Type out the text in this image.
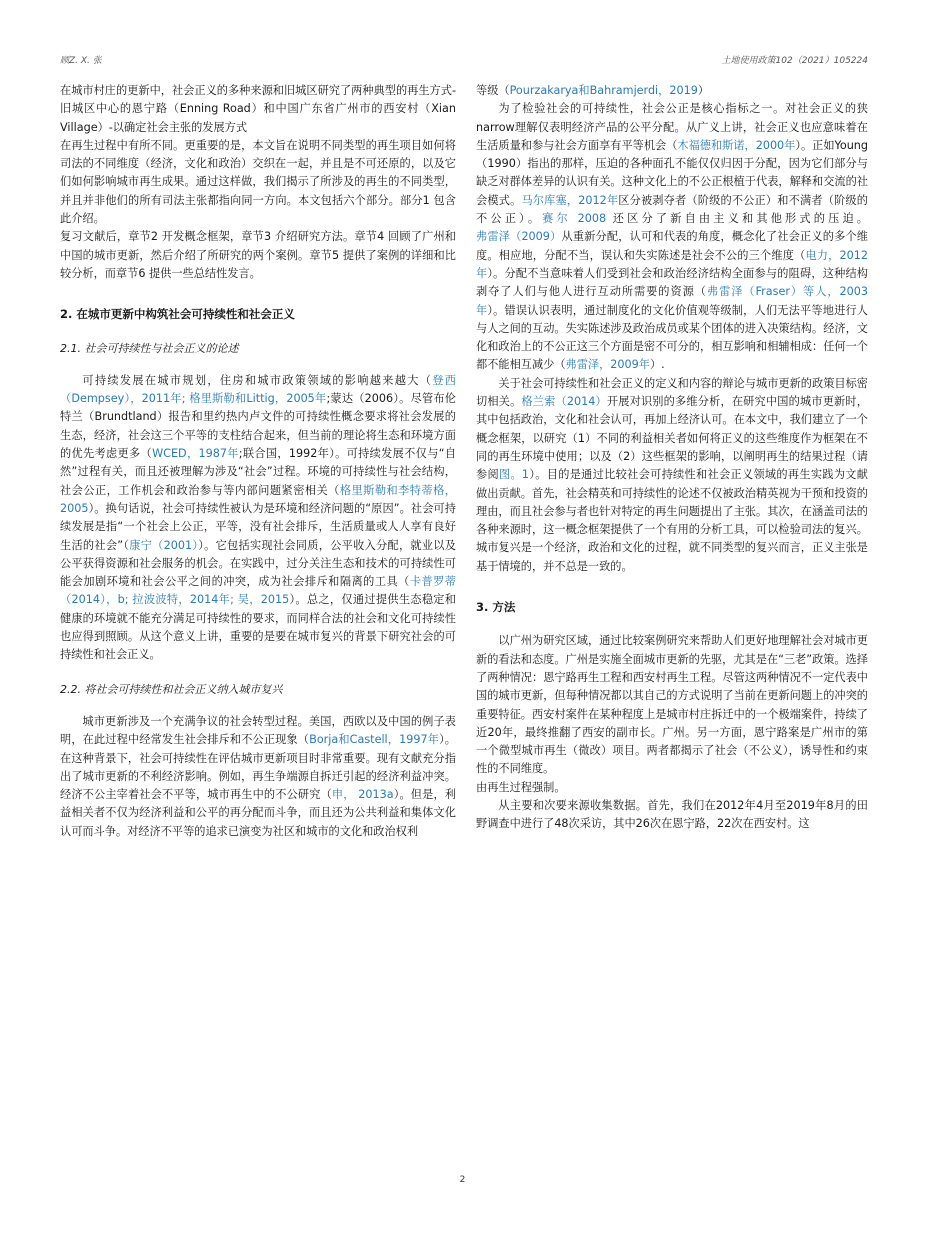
顾Z. X. 张	土地使用政策102（2021）105224

在城市村庄的更新中，社会正义的多种来源和旧城区研究了两种典型的再生方式-旧城区中心的恩宁路（Enning Road）和中国广东省广州市的西安村（Xian Village）-以确定社会主张的发展方式

在再生过程中有所不同。更重要的是，本文旨在说明不同类型的再生项目如何将司法的不同维度（经济，文化和政治）交织在一起，并且是不可还原的，以及它们如何影响城市再生成果。通过这样做，我们揭示了所涉及的再生的不同类型，并且并非他们的所有司法主张都指向同一方向。本文包括六个部分。部分1 包含此介绍。

复习文献后，章节2 开发概念框架，章节3 介绍研究方法。章节4 回顾了广州和中国的城市更新，然后介绍了所研究的两个案例。章节5 提供了案例的详细和比较分析，而章节6 提供一些总结性发言。

2. 在城市更新中构筑社会可持续性和社会正义
2.1. 社会可持续性与社会正义的论述

可持续发展在城市规划，住房和城市政策领域的影响越来越大（登西（Dempsey），2011年; 格里斯勒和Littig，2005年;蒙达（2006）。尽管布伦特兰（Brundtland）报告和里约热内卢文件的可持续性概念要求将社会发展的生态，经济，社会这三个平等的支柱结合起来，但当前的理论将生态和环境方面的优先考虑更多（WCED，1987年;联合国，1992年）。可持续发展不仅与“自然”过程有关，而且还被理解为涉及“社会”过程。环境的可持续性与社会结构，社会公正，工作机会和政治参与等内部问题紧密相关（格里斯勒和李特蒂格，2005）。换句话说，社会可持续性被认为是环境和经济问题的“原因”。社会可持续发展是指“一个社会上公正，平等，没有社会排斥，生活质量或人人享有良好生活的社会”（康宁（2001））。它包括实现社会同质，公平收入分配，就业以及公平获得资源和社会服务的机会。在实践中，过分关注生态和技术的可持续性可能会加剧环境和社会公平之间的冲突，成为社会排斥和隔离的工具（卡普罗蒂（2014），b; 拉波波特，2014年; 吴，2015）。总之，仅通过提供生态稳定和健康的环境就不能充分满足可持续性的要求，而同样合法的社会和文化可持续性也应得到照顾。从这个意义上讲，重要的是要在城市复兴的背景下研究社会的可持续性和社会正义。

2.2. 将社会可持续性和社会正义纳入城市复兴

城市更新涉及一个充满争议的社会转型过程。美国，西欧以及中国的例子表明，在此过程中经常发生社会排斥和不公正现象（Borja和Castell，1997年）。在这种背景下，社会可持续性在评估城市更新项目时非常重要。现有文献充分指出了城市更新的不利经济影响。例如，再生争端源自拆迁引起的经济利益冲突。经济不公主宰着社会不平等，城市再生中的不公研究（申， 2013a）。但是，利益相关者不仅为经济利益和公平的再分配而斗争，而且还为公共利益和集体文化认可而斗争。对经济不平等的追求已演变为社区和城市的文化和政治权利

等级（Pourzakarya和Bahramjerdi，2019）

为了检验社会的可持续性，社会公正是核心指标之一。对社会正义的狭narrow理解仅表明经济产品的公平分配。从广义上讲，社会正义也应意味着在生活质量和参与社会方面享有平等机会（木福德和斯诺，2000年）。正如Young（1990）指出的那样，压迫的各种面孔不能仅仅归因于分配，因为它们部分与缺乏对群体差异的认识有关。这种文化上的不公正根植于代表，解释和交流的社会模式。马尔库塞，2012年区分被剥夺者（阶级的不公正）和不满者（阶级的不公正）。赛尔 2008 还区分了新自由主义和其他形式的压迫。弗雷泽（2009）从重新分配，认可和代表的角度，概念化了社会正义的多个维度。相应地，分配不当，误认和失实陈述是社会不公的三个维度（电力，2012年）。分配不当意味着人们受到社会和政治经济结构全面参与的阻碍，这种结构剥夺了人们与他人进行互动所需要的资源（弗雷泽（Fraser）等人，2003年）。错误认识表明，通过制度化的文化价值观等级制，人们无法平等地进行人与人之间的互动。失实陈述涉及政治成员或某个团体的进入决策结构。经济，文化和政治上的不公正这三个方面是密不可分的，相互影响和相辅相成：任何一个都不能相互减少（弗雷泽，2009年）.

关于社会可持续性和社会正义的定义和内容的辩论与城市更新的政策目标密切相关。格兰索（2014）开展对识别的多维分析，在研究中国的城市更新时，其中包括政治，文化和社会认可，再加上经济认可。在本文中，我们建立了一个概念框架，以研究（1）不同的利益相关者如何将正义的这些维度作为框架在不同的再生环境中使用；以及（2）这些框架的影响，以阐明再生的结果过程（请参阅图。1）。目的是通过比较社会可持续性和社会正义领域的再生实践为文献做出贡献。首先，社会精英和可持续性的论述不仅被政治精英视为干预和投资的理由，而且社会参与者也针对特定的再生问题提出了主张。其次，在涵盖司法的各种来源时，这一概念框架提供了一个有用的分析工具，可以检验司法的复兴。城市复兴是一个经济，政治和文化的过程，就不同类型的复兴而言，正义主张是基于情境的，并不总是一致的。

3. 方法

以广州为研究区域，通过比较案例研究来帮助人们更好地理解社会对城市更新的看法和态度。广州是实施全面城市更新的先驱，尤其是在“三老”政策。选择了两种情况：恩宁路再生工程和西安村再生工程。尽管这两种情况不一定代表中国的城市更新，但每种情况都以其自己的方式说明了当前在更新问题上的冲突的重要特征。西安村案件在某种程度上是城市村庄拆迁中的一个极端案件，持续了近20年，最终推翻了西安的副市长。广州。另一方面，恩宁路案是广州市的第一个微型城市再生（微改）项目。两者都揭示了社会（不公义），诱导性和约束性的不同维度。

由再生过程强制。

从主要和次要来源收集数据。首先，我们在2012年4月至2019年8月的田野调查中进行了48次采访，其中26次在恩宁路，22次在西安村。这

2
